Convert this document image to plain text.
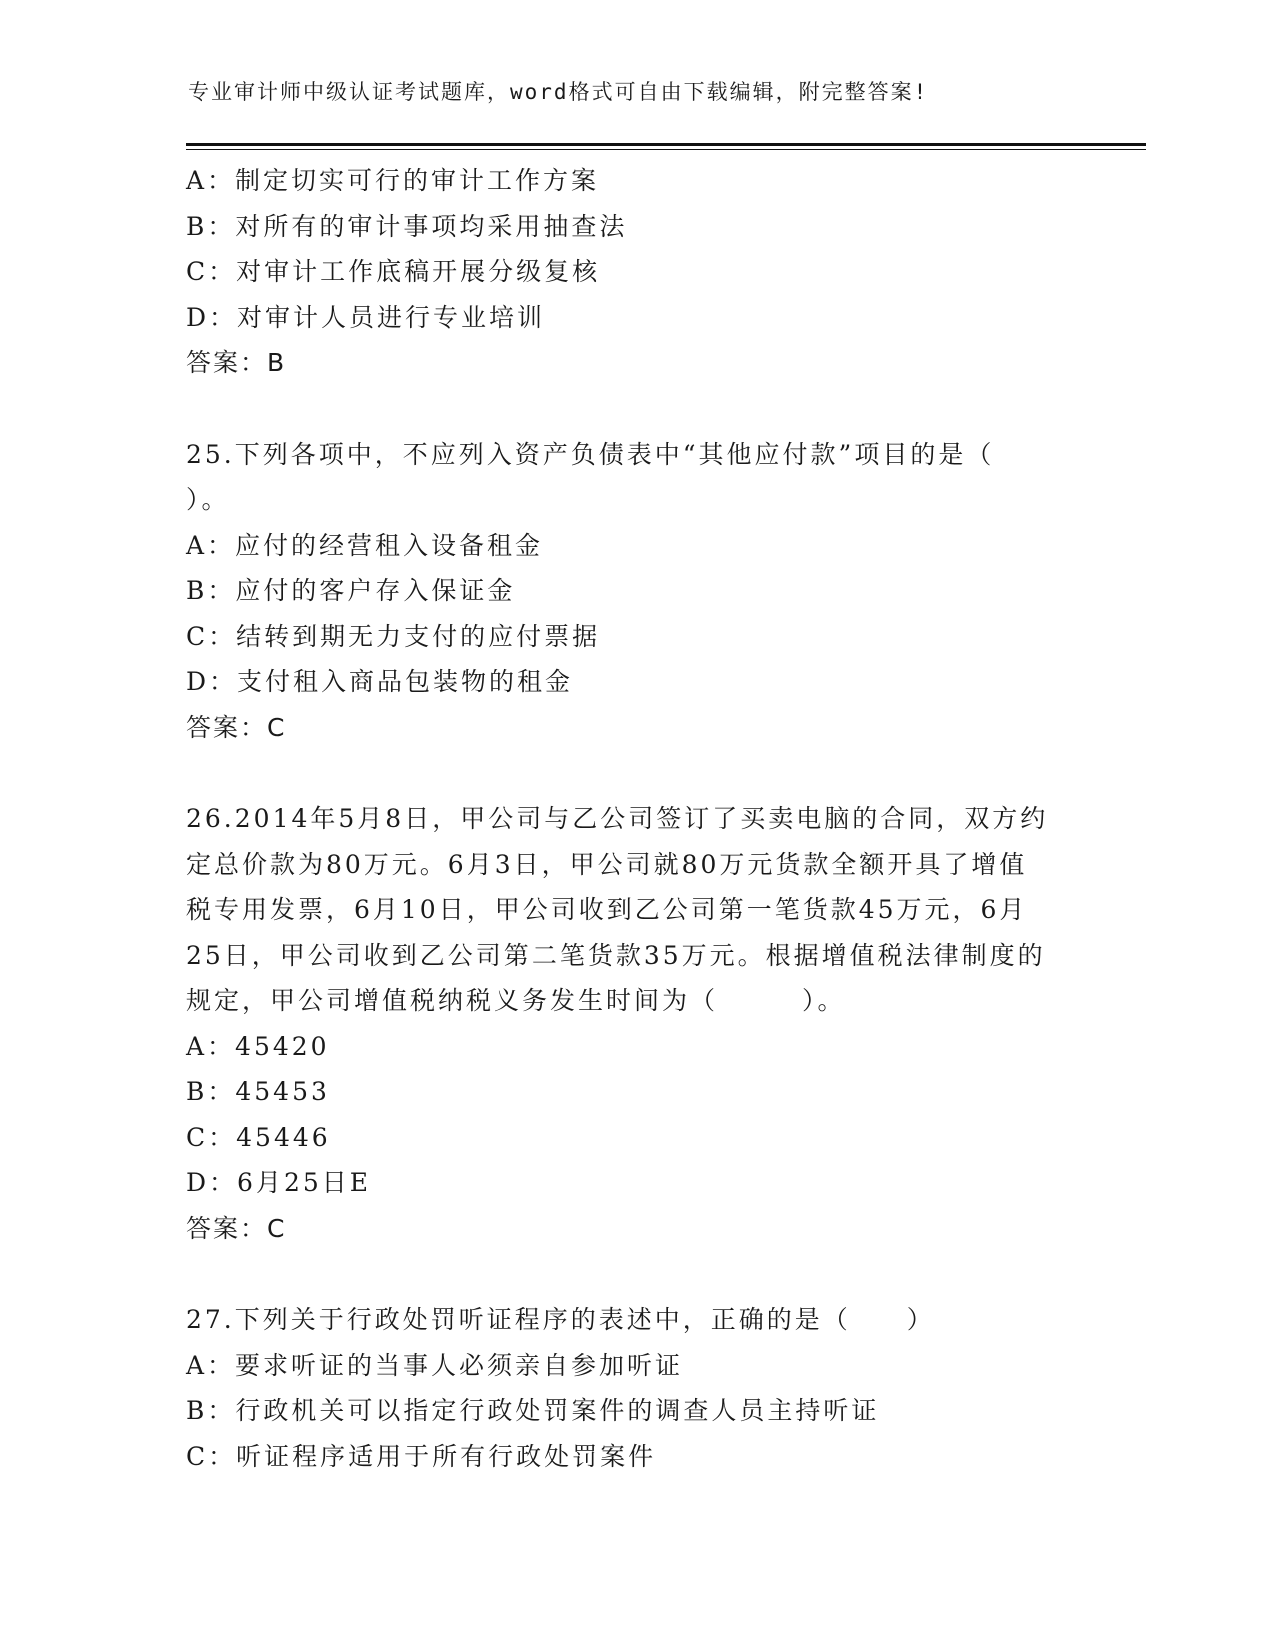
专业审计师中级认证考试题库，word格式可自由下载编辑，附完整答案!
A：制定切实可行的审计工作方案
B：对所有的审计事项均采用抽查法
C：对审计工作底稿开展分级复核
D：对审计人员进行专业培训
答案：B
25.下列各项中，不应列入资产负债表中“其他应付款”项目的是（
）。
A：应付的经营租入设备租金
B：应付的客户存入保证金
C：结转到期无力支付的应付票据
D：支付租入商品包装物的租金
答案：C
26.2014年5月8日，甲公司与乙公司签订了买卖电脑的合同，双方约
定总价款为80万元。6月3日，甲公司就80万元货款全额开具了增值
税专用发票，6月10日，甲公司收到乙公司第一笔货款45万元，6月
25日，甲公司收到乙公司第二笔货款35万元。根据增值税法律制度的
规定，甲公司增值税纳税义务发生时间为（　　　）。
A：45420
B：45453
C：45446
D：6月25日E
答案：C
27.下列关于行政处罚听证程序的表述中，正确的是（　　）
A：要求听证的当事人必须亲自参加听证
B：行政机关可以指定行政处罚案件的调查人员主持听证
C：听证程序适用于所有行政处罚案件
